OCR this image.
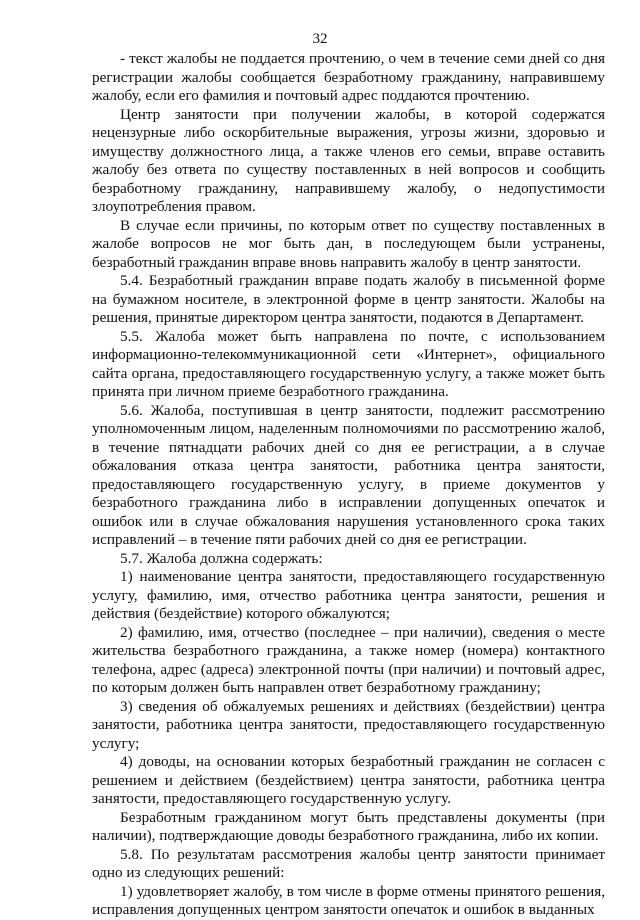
32

- текст жалобы не поддается прочтению, о чем в течение семи дней со дня регистрации жалобы сообщается безработному гражданину, направившему жалобу, если его фамилия и почтовый адрес поддаются прочтению.

Центр занятости при получении жалобы, в которой содержатся нецензурные либо оскорбительные выражения, угрозы жизни, здоровью и имуществу должностного лица, а также членов его семьи, вправе оставить жалобу без ответа по существу поставленных в ней вопросов и сообщить безработному гражданину, направившему жалобу, о недопустимости злоупотребления правом.

В случае если причины, по которым ответ по существу поставленных в жалобе вопросов не мог быть дан, в последующем были устранены, безработный гражданин вправе вновь направить жалобу в центр занятости.

5.4. Безработный гражданин вправе подать жалобу в письменной форме на бумажном носителе, в электронной форме в центр занятости. Жалобы на решения, принятые директором центра занятости, подаются в Департамент.

5.5. Жалоба может быть направлена по почте, с использованием информационно-телекоммуникационной сети «Интернет», официального сайта органа, предоставляющего государственную услугу, а также может быть принята при личном приеме безработного гражданина.

5.6. Жалоба, поступившая в центр занятости, подлежит рассмотрению уполномоченным лицом, наделенным полномочиями по рассмотрению жалоб, в течение пятнадцати рабочих дней со дня ее регистрации, а в случае обжалования отказа центра занятости, работника центра занятости, предоставляющего государственную услугу, в приеме документов у безработного гражданина либо в исправлении допущенных опечаток и ошибок или в случае обжалования нарушения установленного срока таких исправлений – в течение пяти рабочих дней со дня ее регистрации.

5.7. Жалоба должна содержать:

1) наименование центра занятости, предоставляющего государственную услугу, фамилию, имя, отчество работника центра занятости, решения и действия (бездействие) которого обжалуются;

2) фамилию, имя, отчество (последнее – при наличии), сведения о месте жительства безработного гражданина, а также номер (номера) контактного телефона, адрес (адреса) электронной почты (при наличии) и почтовый адрес, по которым должен быть направлен ответ безработному гражданину;

3) сведения об обжалуемых решениях и действиях (бездействии) центра занятости, работника центра занятости, предоставляющего государственную услугу;

4) доводы, на основании которых безработный гражданин не согласен с решением и действием (бездействием) центра занятости, работника центра занятости, предоставляющего государственную услугу.

Безработным гражданином могут быть представлены документы (при наличии), подтверждающие доводы безработного гражданина, либо их копии.

5.8. По результатам рассмотрения жалобы центр занятости принимает одно из следующих решений:

1) удовлетворяет жалобу, в том числе в форме отмены принятого решения, исправления допущенных центром занятости опечаток и ошибок в выданных
